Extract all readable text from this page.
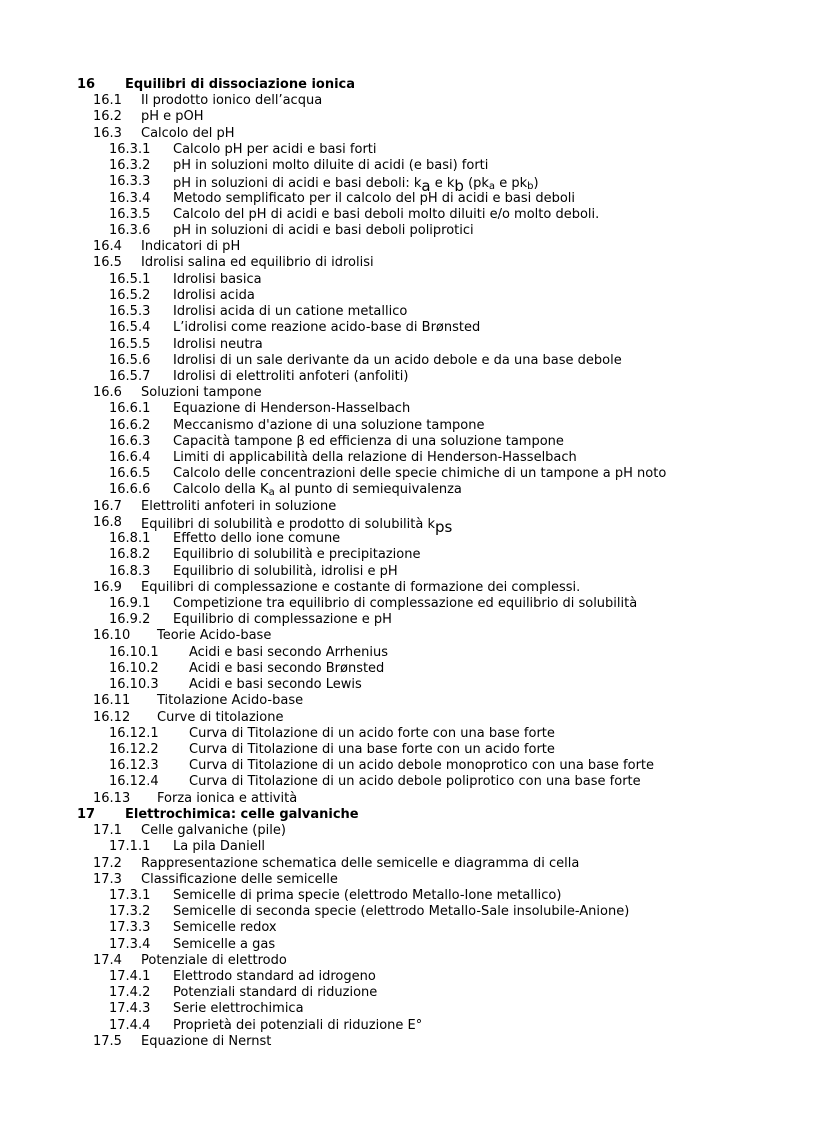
16 Equilibri di dissociazione ionica
16.1 Il prodotto ionico dell’acqua
16.2 pH e pOH
16.3 Calcolo del pH
16.3.1 Calcolo pH per acidi e basi forti
16.3.2 pH in soluzioni molto diluite di acidi (e basi) forti
16.3.3 pH in soluzioni di acidi e basi deboli: ka e kb (pka e pkb)
16.3.4 Metodo semplificato per il calcolo del pH di acidi e basi deboli
16.3.5 Calcolo del pH di acidi e basi deboli molto diluiti e/o molto deboli.
16.3.6 pH in soluzioni di acidi e basi deboli poliprotici
16.4 Indicatori di pH
16.5 Idrolisi salina ed equilibrio di idrolisi
16.5.1 Idrolisi basica
16.5.2 Idrolisi acida
16.5.3 Idrolisi acida di un catione metallico
16.5.4 L’idrolisi come reazione acido-base di Brønsted
16.5.5 Idrolisi neutra
16.5.6 Idrolisi di un sale derivante da un acido debole e da una base debole
16.5.7 Idrolisi di elettroliti anfoteri (anfoliti)
16.6 Soluzioni tampone
16.6.1 Equazione di Henderson-Hasselbach
16.6.2 Meccanismo d'azione di una soluzione tampone
16.6.3 Capacità tampone β ed efficienza di una soluzione tampone
16.6.4 Limiti di applicabilità della relazione di Henderson-Hasselbach
16.6.5 Calcolo delle concentrazioni delle specie chimiche di un tampone a pH noto
16.6.6 Calcolo della Ka al punto di semiequivalenza
16.7 Elettroliti anfoteri in soluzione
16.8 Equilibri di solubilità e prodotto di solubilità kps
16.8.1 Effetto dello ione comune
16.8.2 Equilibrio di solubilità e precipitazione
16.8.3 Equilibrio di solubilità, idrolisi e pH
16.9 Equilibri di complessazione e costante di formazione dei complessi.
16.9.1 Competizione tra equilibrio di complessazione ed equilibrio di solubilità
16.9.2 Equilibrio di complessazione e pH
16.10 Teorie Acido-base
16.10.1 Acidi e basi secondo Arrhenius
16.10.2 Acidi e basi secondo Brønsted
16.10.3 Acidi e basi secondo Lewis
16.11 Titolazione Acido-base
16.12 Curve di titolazione
16.12.1 Curva di Titolazione di un acido forte con una base forte
16.12.2 Curva di Titolazione di una base forte con un acido forte
16.12.3 Curva di Titolazione di un acido debole monoprotico con una base forte
16.12.4 Curva di Titolazione di un acido debole poliprotico con una base forte
16.13 Forza ionica e attività
17 Elettrochimica: celle galvaniche
17.1 Celle galvaniche (pile)
17.1.1 La pila Daniell
17.2 Rappresentazione schematica delle semicelle e diagramma di cella
17.3 Classificazione delle semicelle
17.3.1 Semicelle di prima specie (elettrodo Metallo-Ione metallico)
17.3.2 Semicelle di seconda specie (elettrodo Metallo-Sale insolubile-Anione)
17.3.3 Semicelle redox
17.3.4 Semicelle a gas
17.4 Potenziale di elettrodo
17.4.1 Elettrodo standard ad idrogeno
17.4.2 Potenziali standard di riduzione
17.4.3 Serie elettrochimica
17.4.4 Proprietà dei potenziali di riduzione E°
17.5 Equazione di Nernst
